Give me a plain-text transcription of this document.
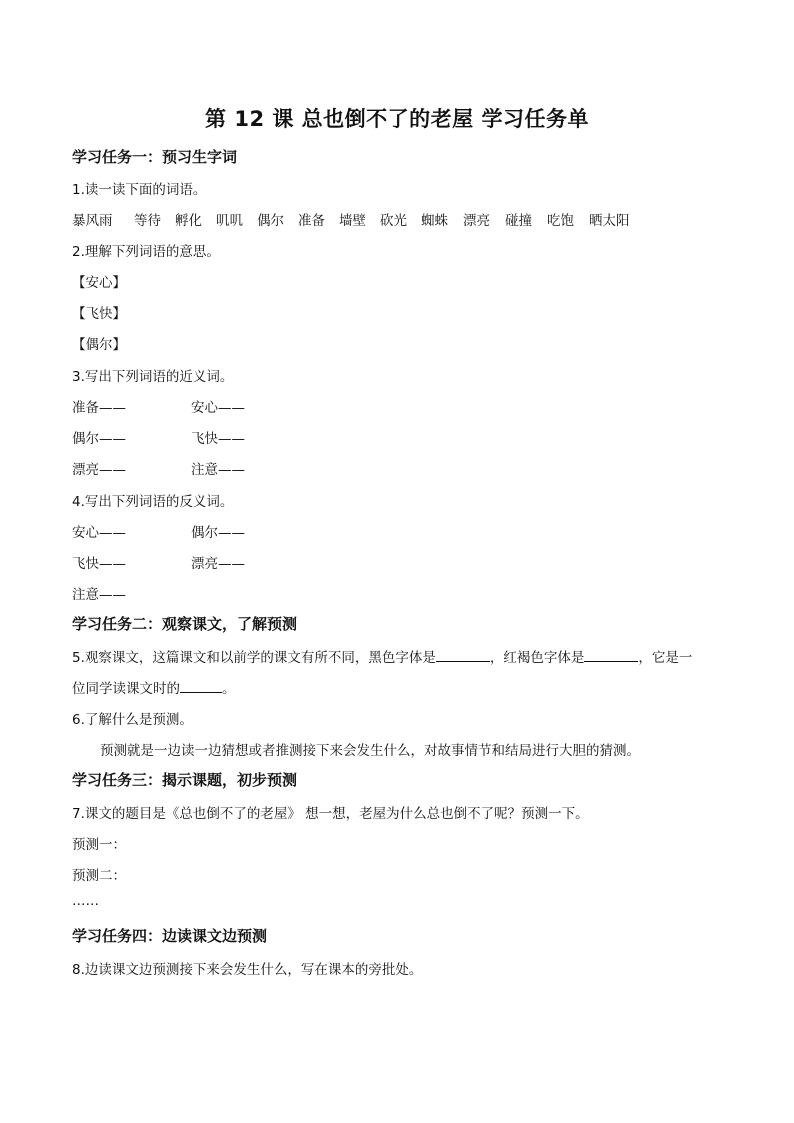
第 12 课 总也倒不了的老屋 学习任务单
学习任务一：预习生字词
1.读一读下面的词语。
暴风雨	等待	孵化	叽叽	偶尔	准备	墙壁	砍光	蜘蛛	漂亮	碰撞	吃饱	晒太阳
2.理解下列词语的意思。
【安心】
【飞快】
【偶尔】
3.写出下列词语的近义词。
准备——	安心——
偶尔——	飞快——
漂亮——	注意——
4.写出下列词语的反义词。
安心——	偶尔——
飞快——	漂亮——
注意——
学习任务二：观察课文，了解预测
5.观察课文，这篇课文和以前学的课文有所不同，黑色字体是	，红褐色字体是	，它是一
位同学读课文时的	。
6.了解什么是预测。
预测就是一边读一边猜想或者推测接下来会发生什么，对故事情节和结局进行大胆的猜测。
学习任务三：揭示课题，初步预测
7.课文的题目是《总也倒不了的老屋》 想一想，老屋为什么总也倒不了呢？预测一下。
预测一：
预测二：
……
学习任务四：边读课文边预测
8.边读课文边预测接下来会发生什么，写在课本的旁批处。
